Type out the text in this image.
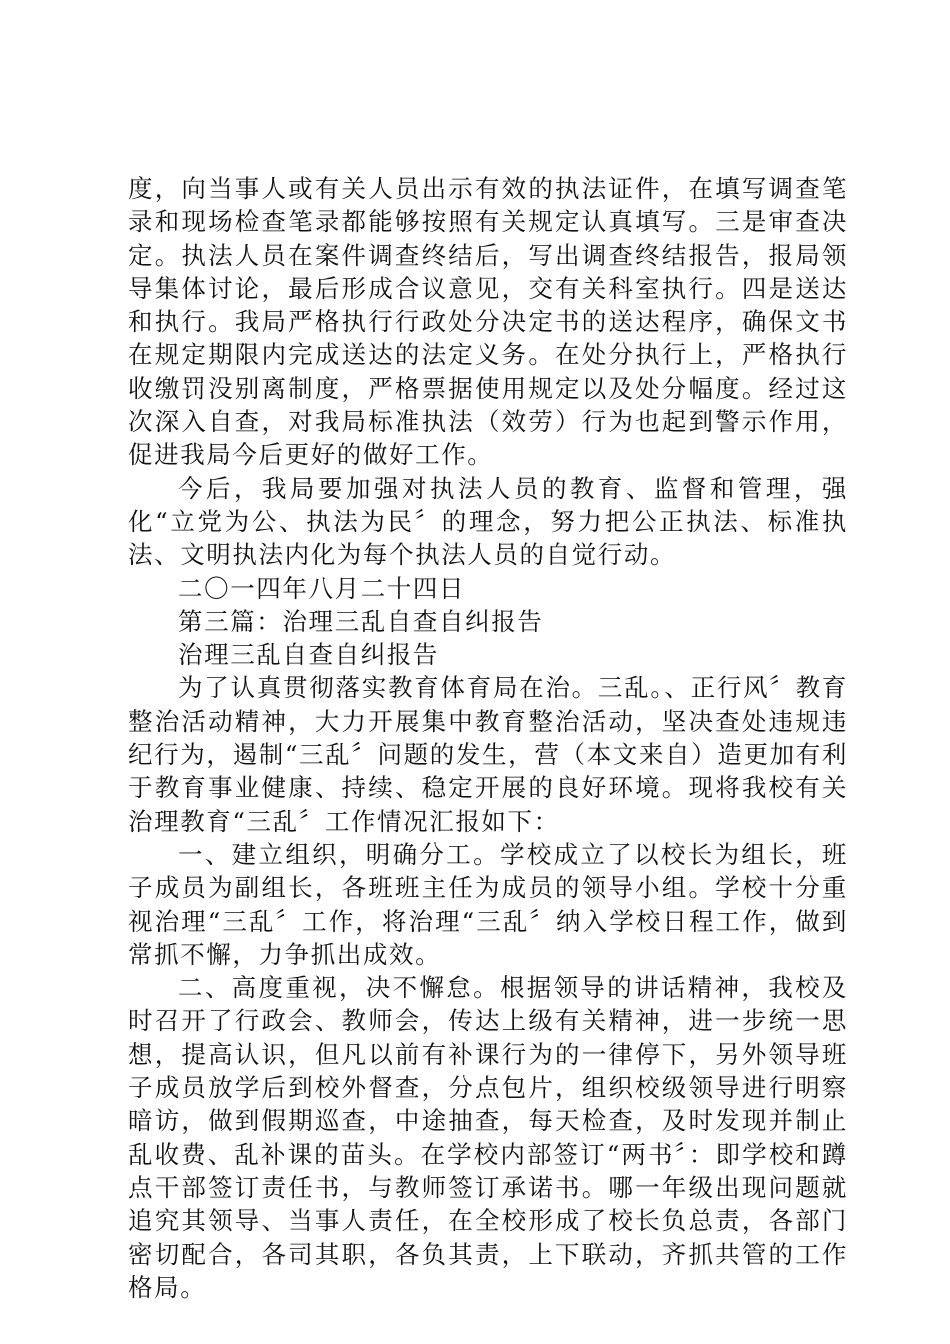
度，向当事人或有关人员出示有效的执法证件，在填写调查笔录和现场检查笔录都能够按照有关规定认真填写。三是审查决定。执法人员在案件调查终结后，写出调查终结报告，报局领导集体讨论，最后形成合议意见，交有关科室执行。四是送达和执行。我局严格执行行政处分决定书的送达程序，确保文书在规定期限内完成送达的法定义务。在处分执行上，严格执行收缴罚没别离制度，严格票据使用规定以及处分幅度。经过这次深入自查，对我局标准执法（效劳）行为也起到警示作用，促进我局今后更好的做好工作。

今后，我局要加强对执法人员的教育、监督和管理，强化“立党为公、执法为民〞的理念，努力把公正执法、标准执法、文明执法内化为每个执法人员的自觉行动。

二〇一四年八月二十四日

第三篇：治理三乱自查自纠报告

治理三乱自查自纠报告

为了认真贯彻落实教育体育局在治。三乱。、正行风〞教育整治活动精神，大力开展集中教育整治活动，坚决查处违规违纪行为，遏制“三乱〞问题的发生，营（本文来自）造更加有利于教育事业健康、持续、稳定开展的良好环境。现将我校有关治理教育“三乱〞工作情况汇报如下：

一、建立组织，明确分工。学校成立了以校长为组长，班子成员为副组长，各班班主任为成员的领导小组。学校十分重视治理“三乱〞工作，将治理“三乱〞纳入学校日程工作，做到常抓不懈，力争抓出成效。

二、高度重视，决不懈怠。根据领导的讲话精神，我校及时召开了行政会、教师会，传达上级有关精神，进一步统一思想，提高认识，但凡以前有补课行为的一律停下，另外领导班子成员放学后到校外督查，分点包片，组织校级领导进行明察暗访，做到假期巡查，中途抽查，每天检查，及时发现并制止乱收费、乱补课的苗头。在学校内部签订“两书〞：即学校和蹲点干部签订责任书，与教师签订承诺书。哪一年级出现问题就追究其领导、当事人责任，在全校形成了校长负总责，各部门密切配合，各司其职，各负其责，上下联动，齐抓共管的工作格局。
